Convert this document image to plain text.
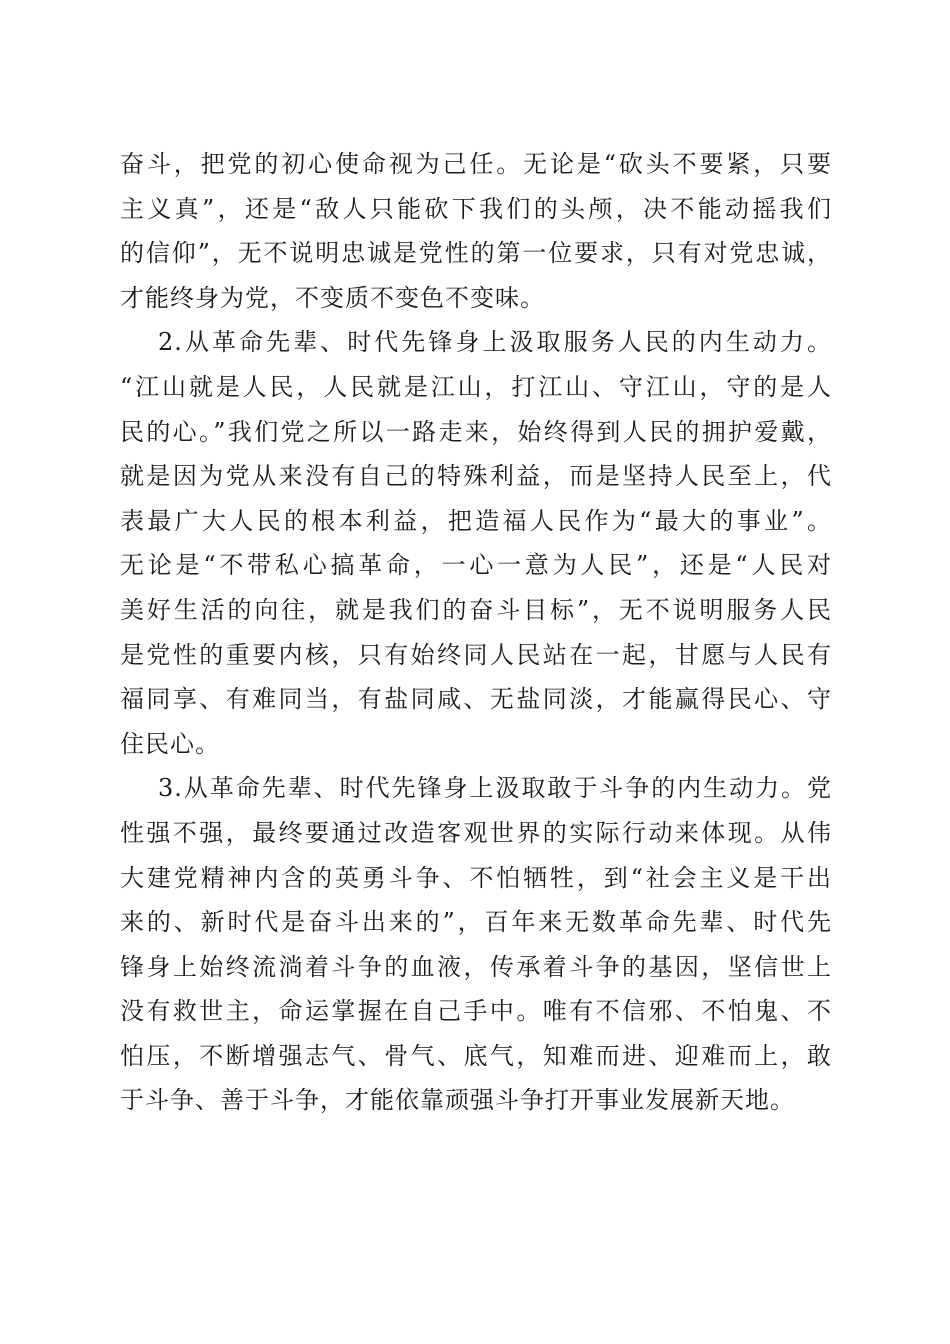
奋斗，把党的初心使命视为己任。无论是“砍头不要紧，只要
主义真”，还是“敌人只能砍下我们的头颅，决不能动摇我们
的信仰”，无不说明忠诚是党性的第一位要求，只有对党忠诚，
才能终身为党，不变质不变色不变味。
2.从革命先辈、时代先锋身上汲取服务人民的内生动力。
“江山就是人民，人民就是江山，打江山、守江山，守的是人
民的心。”我们党之所以一路走来，始终得到人民的拥护爱戴，
就是因为党从来没有自己的特殊利益，而是坚持人民至上，代
表最广大人民的根本利益，把造福人民作为“最大的事业”。
无论是“不带私心搞革命，一心一意为人民”，还是“人民对
美好生活的向往，就是我们的奋斗目标”，无不说明服务人民
是党性的重要内核，只有始终同人民站在一起，甘愿与人民有
福同享、有难同当，有盐同咸、无盐同淡，才能赢得民心、守
住民心。
3.从革命先辈、时代先锋身上汲取敢于斗争的内生动力。党
性强不强，最终要通过改造客观世界的实际行动来体现。从伟
大建党精神内含的英勇斗争、不怕牺牲，到“社会主义是干出
来的、新时代是奋斗出来的”，百年来无数革命先辈、时代先
锋身上始终流淌着斗争的血液，传承着斗争的基因，坚信世上
没有救世主，命运掌握在自己手中。唯有不信邪、不怕鬼、不
怕压，不断增强志气、骨气、底气，知难而进、迎难而上，敢
于斗争、善于斗争，才能依靠顽强斗争打开事业发展新天地。
